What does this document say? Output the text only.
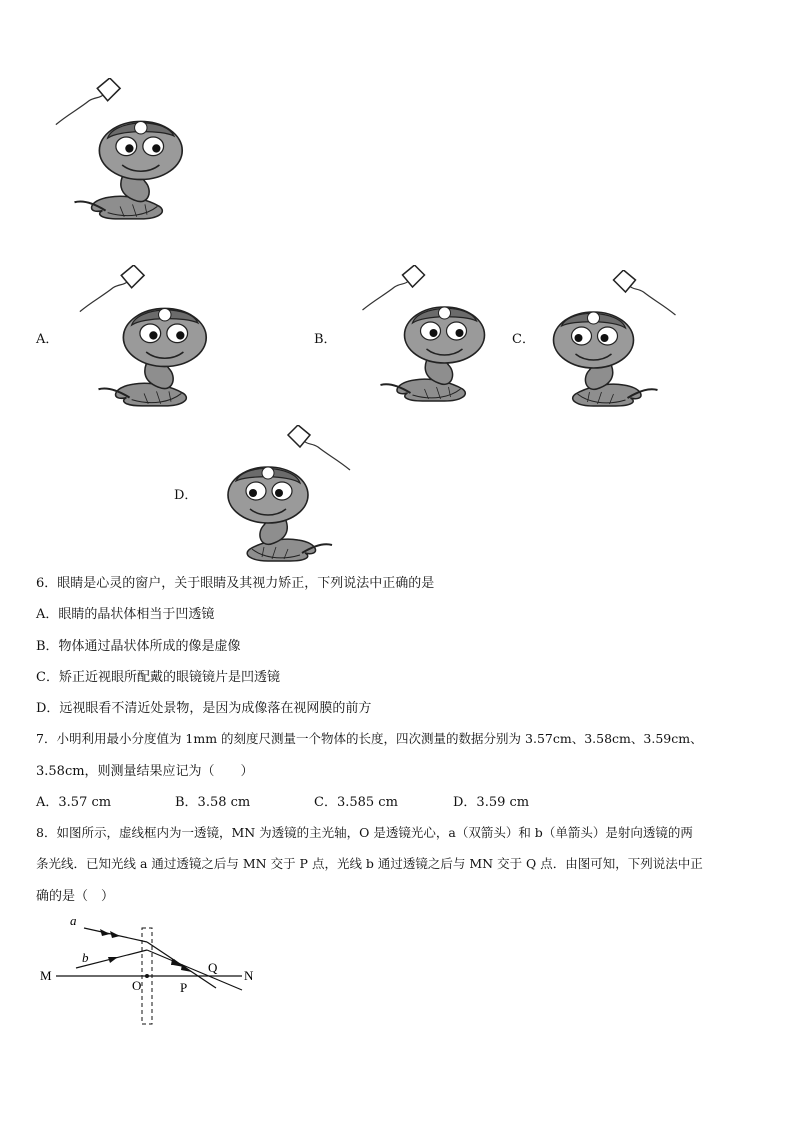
A．	B．	C．
D．
6．眼睛是心灵的窗户，关于眼睛及其视力矫正，下列说法中正确的是
A．眼睛的晶状体相当于凹透镜
B．物体通过晶状体所成的像是虚像
C．矫正近视眼所配戴的眼镜镜片是凹透镜
D．远视眼看不清近处景物，是因为成像落在视网膜的前方
7．小明利用最小分度值为 1mm 的刻度尺测量一个物体的长度，四次测量的数据分别为 3.57cm、3.58cm、3.59cm、
3.58cm，则测量结果应记为（　　）
A．3.57 cm	B．3.58 cm	C．3.585 cm	D．3.59 cm
8．如图所示，虚线框内为一透镜，MN 为透镜的主光轴，O 是透镜光心，a（双箭头）和 b（单箭头）是射向透镜的两
条光线．已知光线 a 通过透镜之后与 MN 交于 P 点，光线 b 通过透镜之后与 MN 交于 Q 点．由图可知，下列说法中正
确的是（　）
a
b
M	N
O	P
Q
